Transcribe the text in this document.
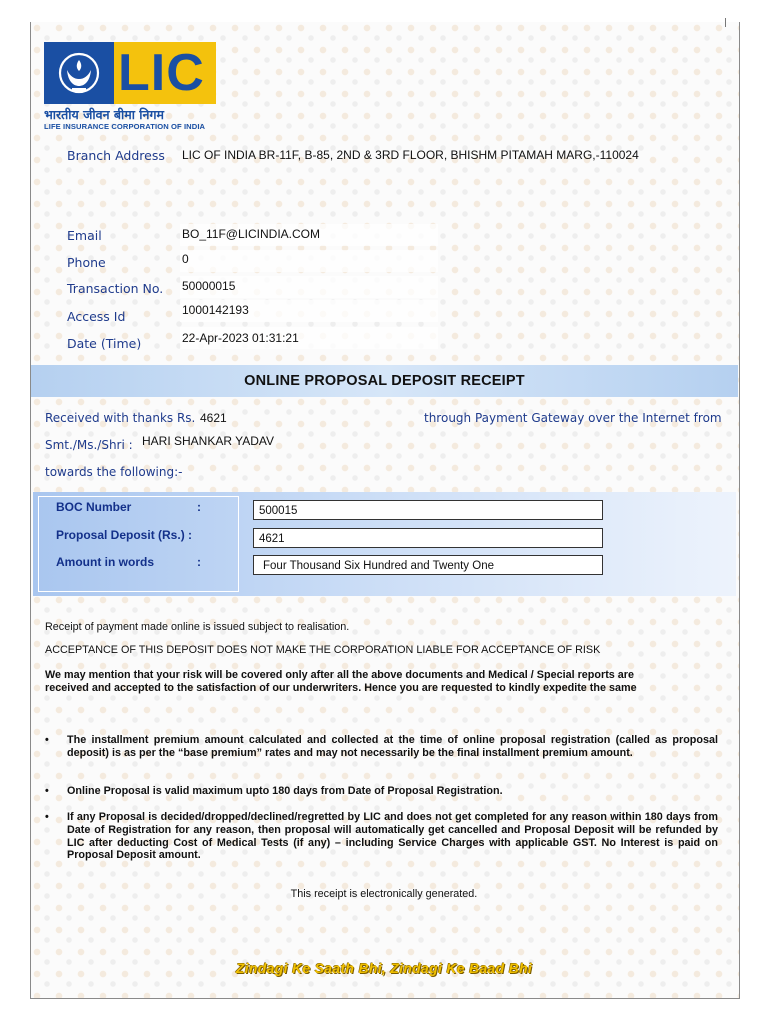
LIC
भारतीय जीवन बीमा निगम
LIFE INSURANCE CORPORATION OF INDIA
Branch Address LIC OF INDIA BR-11F, B-85, 2ND & 3RD FLOOR, BHISHM PITAMAH MARG,-110024
Email	BO_11F@LICINDIA.COM
Phone	0
Transaction No. 50000015
Access Id	1000142193
Date (Time)	22-Apr-2023 01:31:21
ONLINE PROPOSAL DEPOSIT RECEIPT
Received with thanks Rs. 4621	through Payment Gateway over the Internet from
Smt./Ms./Shri : HARI SHANKAR YADAV
towards the following:-
BOC Number	:	500015
Proposal Deposit (Rs.) :	4621
Amount in words	:	Four Thousand Six Hundred and Twenty One
Receipt of payment made online is issued subject to realisation.
ACCEPTANCE OF THIS DEPOSIT DOES NOT MAKE THE CORPORATION LIABLE FOR ACCEPTANCE OF RISK
We may mention that your risk will be covered only after all the above documents and Medical / Special reports are received and accepted to the satisfaction of our underwriters. Hence you are requested to kindly expedite the same
• The installment premium amount calculated and collected at the time of online proposal registration (called as proposal deposit) is as per the “base premium” rates and may not necessarily be the final installment premium amount.
• Online Proposal is valid maximum upto 180 days from Date of Proposal Registration.
• If any Proposal is decided/dropped/declined/regretted by LIC and does not get completed for any reason within 180 days from Date of Registration for any reason, then proposal will automatically get cancelled and Proposal Deposit will be refunded by LIC after deducting Cost of Medical Tests (if any) – including Service Charges with applicable GST. No Interest is paid on Proposal Deposit amount.
This receipt is electronically generated.
Zindagi Ke Saath Bhi, Zindagi Ke Baad Bhi
